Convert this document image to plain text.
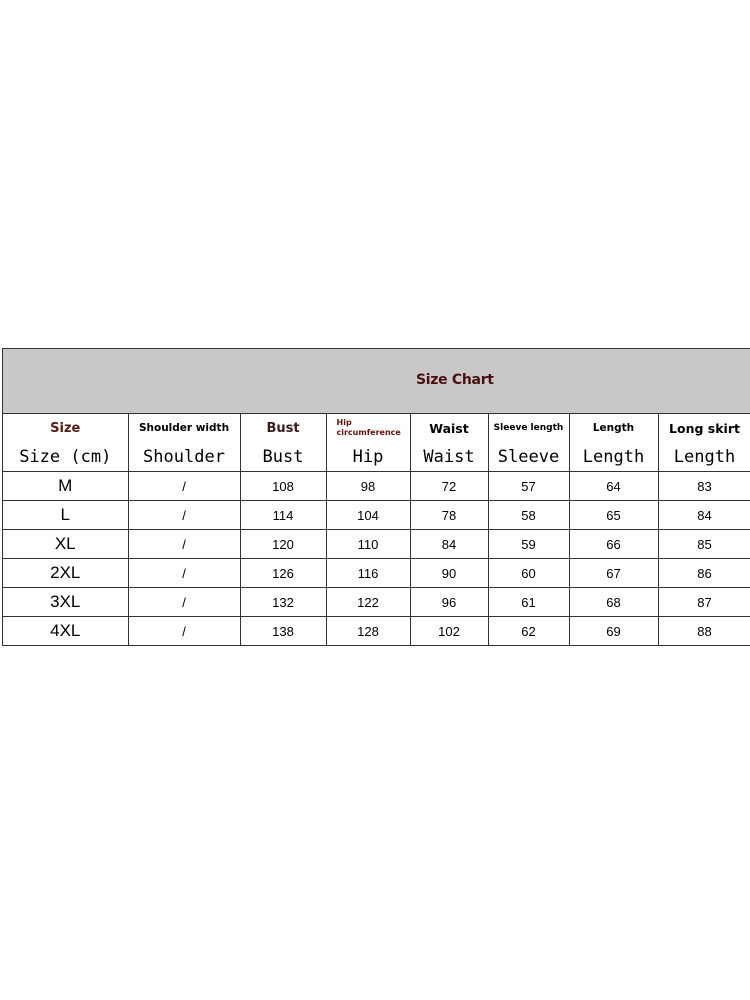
Size Chart
Size	Shoulder width	Bust	Hip circumference	Waist	Sleeve length	Length	Long skirt
Size (cm)	Shoulder	Bust	Hip	Waist	Sleeve	Length	Length
M	/	108	98	72	57	64	83
L	/	114	104	78	58	65	84
XL	/	120	110	84	59	66	85
2XL	/	126	116	90	60	67	86
3XL	/	132	122	96	61	68	87
4XL	/	138	128	102	62	69	88
